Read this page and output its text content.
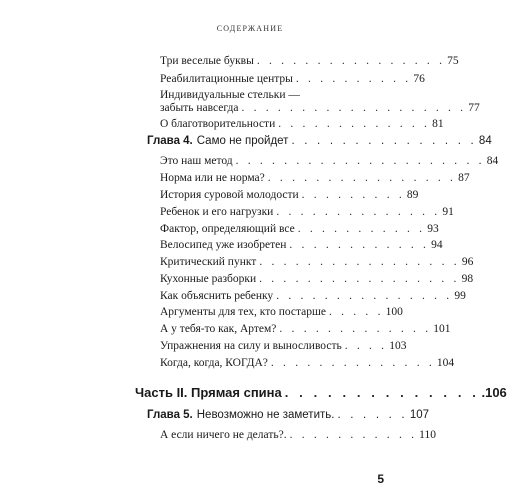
СОДЕРЖАНИЕ
Три веселые буквы . . . . . . . . . . . . . . . . 75
Реабилитационные центры . . . . . . . . . . 76
Индивидуальные стельки —
забыть навсегда . . . . . . . . . . . . . . . . . . . 77
О благотворительности . . . . . . . . . . . . . 81
Глава 4. Само не пройдет . . . . . . . . . . . . . . . 84
Это наш метод . . . . . . . . . . . . . . . . . . . . . 84
Норма или не норма? . . . . . . . . . . . . . . . . 87
История суровой молодости . . . . . . . . . 89
Ребенок и его нагрузки . . . . . . . . . . . . . . 91
Фактор, определяющий все . . . . . . . . . . . 93
Велосипед уже изобретен . . . . . . . . . . . . 94
Критический пункт . . . . . . . . . . . . . . . . . 96
Кухонные разборки . . . . . . . . . . . . . . . . . 98
Как объяснить ребенку . . . . . . . . . . . . . . . 99
Аргументы для тех, кто постарше . . . . . 100
А у тебя-то как, Артем? . . . . . . . . . . . . . 101
Упражнения на силу и выносливость . . . . 103
Когда, когда, КОГДА? . . . . . . . . . . . . . . 104
Часть II. Прямая спина . . . . . . . . . . . . . . .106
Глава 5. Невозможно не заметить. . . . . . . 107
А если ничего не делать?. . . . . . . . . . . . 110
5
